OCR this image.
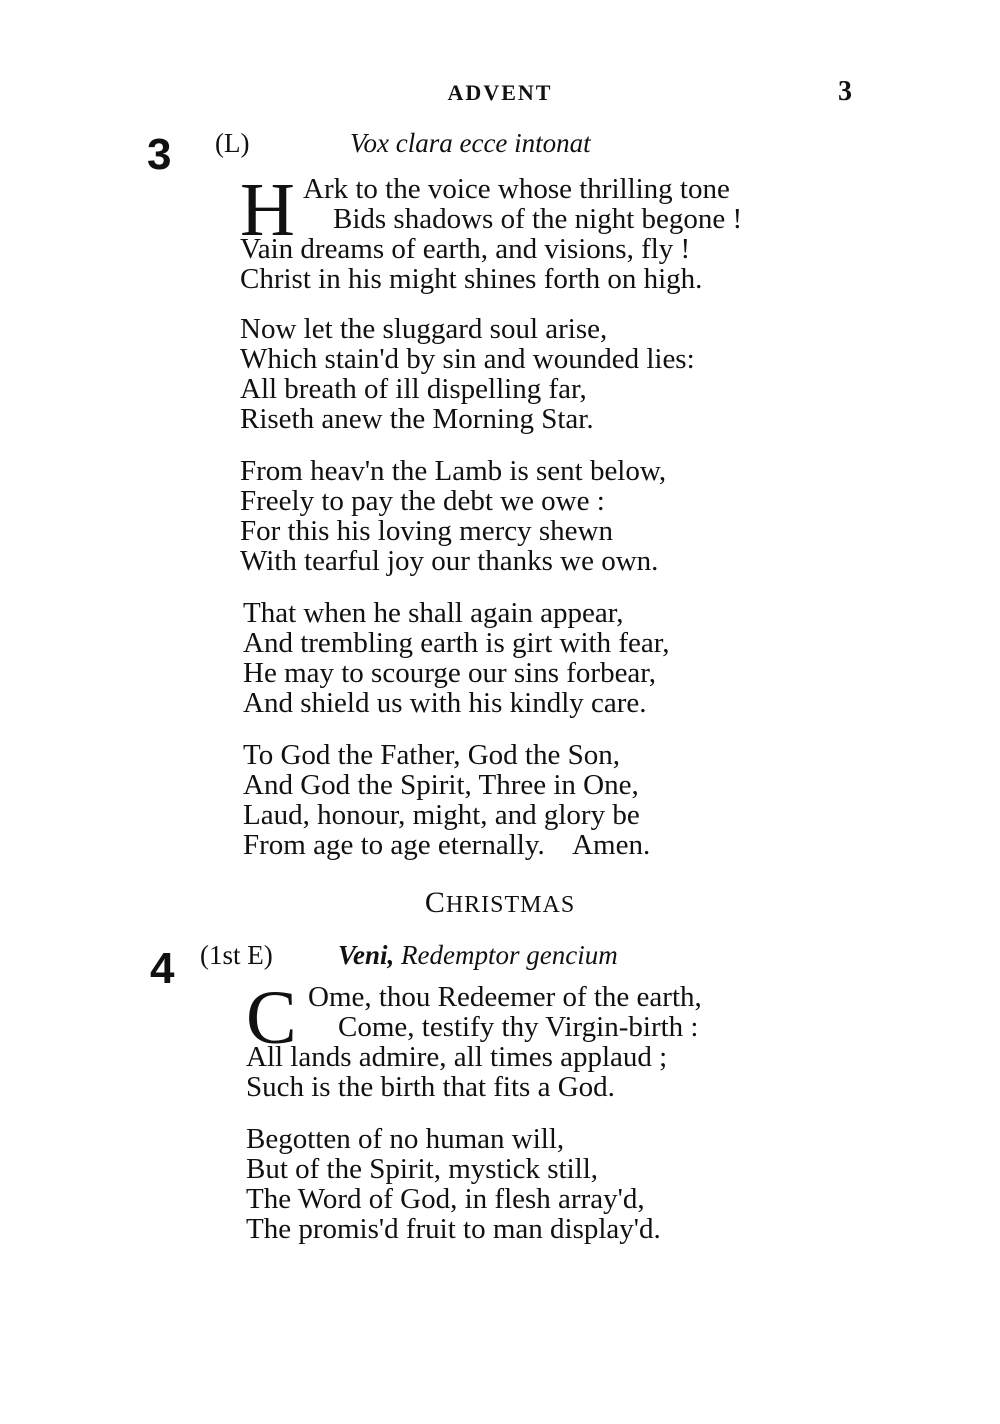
ADVENT	3
3 (L)	Vox clara ecce intonat
H Ark to the voice whose thrilling tone
Bids shadows of the night begone !
Vain dreams of earth, and visions, fly !
Christ in his might shines forth on high.
Now let the sluggard soul arise,
Which stain'd by sin and wounded lies:
All breath of ill dispelling far,
Riseth anew the Morning Star.
From heav'n the Lamb is sent below,
Freely to pay the debt we owe :
For this his loving mercy shewn
With tearful joy our thanks we own.
That when he shall again appear,
And trembling earth is girt with fear,
He may to scourge our sins forbear,
And shield us with his kindly care.
To God the Father, God the Son,
And God the Spirit, Three in One,
Laud, honour, might, and glory be
From age to age eternally.    Amen.
CHRISTMAS
4 (1st E) Veni, Redemptor gencium
C Ome, thou Redeemer of the earth,
Come, testify thy Virgin-birth :
All lands admire, all times applaud ;
Such is the birth that fits a God.
Begotten of no human will,
But of the Spirit, mystick still,
The Word of God, in flesh array'd,
The promis'd fruit to man display'd.
